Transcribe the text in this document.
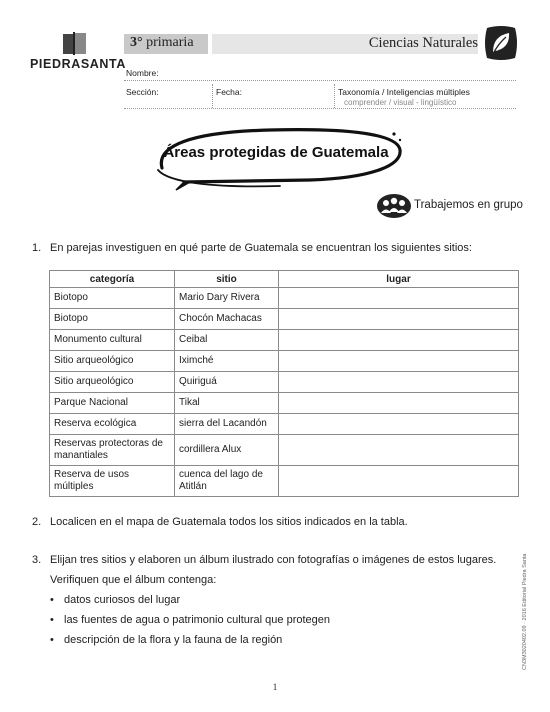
PIEDRASANTA
3° primaria	Ciencias Naturales
Nombre:
Sección:	Fecha:	Taxonomía / Inteligencias múltiples
comprender / visual - lingüístico
Áreas protegidas de Guatemala
Trabajemos en grupo
1. En parejas investiguen en qué parte de Guatemala se encuentran los siguientes sitios:
categoría	sitio	lugar
Biotopo	Mario Dary Rivera	
Biotopo	Chocón Machacas	
Monumento cultural	Ceibal	
Sitio arqueológico	Iximché	
Sitio arqueológico	Quiriguá	
Parque Nacional	Tikal	
Reserva ecológica	sierra del Lacandón	
Reservas protectoras de manantiales	cordillera Alux	
Reserva de usos múltiples	cuenca del lago de Atitlán	
2. Localicen en el mapa de Guatemala todos los sitios indicados en la tabla.
3. Elijan tres sitios y elaboren un álbum ilustrado con fotografías o imágenes de estos lugares.
Verifiquen que el álbum contenga:
• datos curiosos del lugar
• las fuentes de agua o patrimonio cultural que protegen
• descripción de la flora y la fauna de la región	CN3M3020402.09 · 2016 Editorial Piedra Santa
1
